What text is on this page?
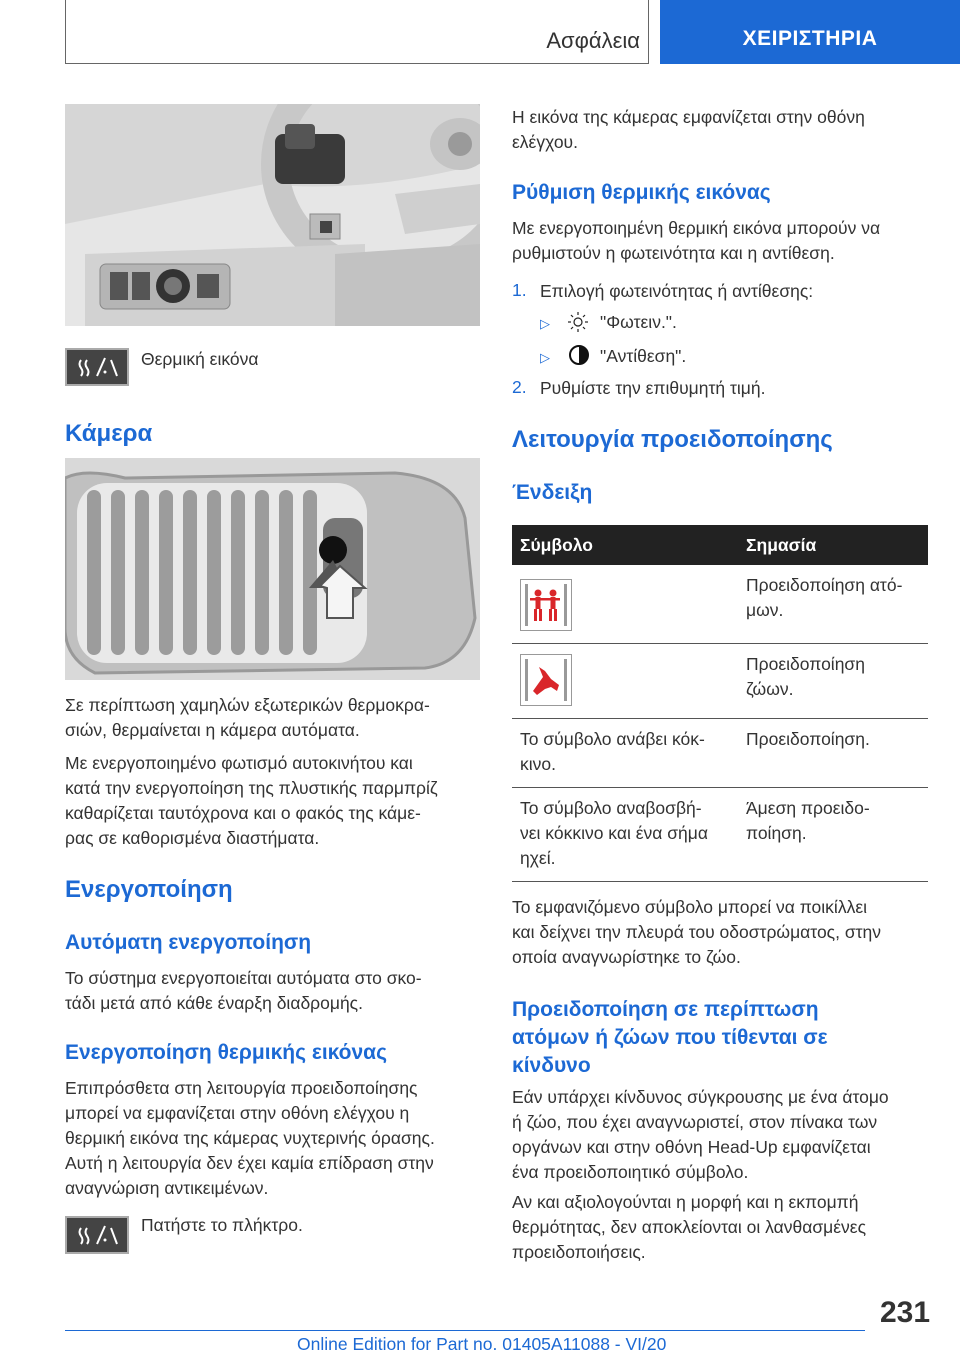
Ασφάλεια	ΧΕΙΡΙΣΤΗΡΙΑ
Θερμική εικόνα
Κάμερα
Σε περίπτωση χαμηλών εξωτερικών θερμοκρα-
σιών, θερμαίνεται η κάμερα αυτόματα.
Με ενεργοποιημένο φωτισμό αυτοκινήτου και
κατά την ενεργοποίηση της πλυστικής παρμπρίζ
καθαρίζεται ταυτόχρονα και ο φακός της κάμε-
ρας σε καθορισμένα διαστήματα.
Ενεργοποίηση
Αυτόματη ενεργοποίηση
Το σύστημα ενεργοποιείται αυτόματα στο σκο-
τάδι μετά από κάθε έναρξη διαδρομής.
Ενεργοποίηση θερμικής εικόνας
Επιπρόσθετα στη λειτουργία προειδοποίησης
μπορεί να εμφανίζεται στην οθόνη ελέγχου η
θερμική εικόνα της κάμερας νυχτερινής όρασης.
Αυτή η λειτουργία δεν έχει καμία επίδραση στην
αναγνώριση αντικειμένων.
Πατήστε το πλήκτρο.
Η εικόνα της κάμερας εμφανίζεται στην οθόνη
ελέγχου.
Ρύθμιση θερμικής εικόνας
Με ενεργοποιημένη θερμική εικόνα μπορούν να
ρυθμιστούν η φωτεινότητα και η αντίθεση.
1. Επιλογή φωτεινότητας ή αντίθεσης:
▷	"Φωτειν.".
▷	"Αντίθεση".
2. Ρυθμίστε την επιθυμητή τιμή.
Λειτουργία προειδοποίησης
Ένδειξη
Σύμβολο	Σημασία

	Προειδοποίηση ατό-
μων.

	Προειδοποίηση
ζώων.
Το σύμβολο ανάβει κόκ-
κινο.	Προειδοποίηση.
Το σύμβολο αναβοσβή-
νει κόκκινο και ένα σήμα
ηχεί.	Άμεση προειδο-
ποίηση.
Το εμφανιζόμενο σύμβολο μπορεί να ποικίλλει
και δείχνει την πλευρά του οδοστρώματος, στην
οποία αναγνωρίστηκε το ζώο.
Προειδοποίηση σε περίπτωση
ατόμων ή ζώων που τίθενται σε
κίνδυνο
Εάν υπάρχει κίνδυνος σύγκρουσης με ένα άτομο
ή ζώο, που έχει αναγνωριστεί, στον πίνακα των
οργάνων και στην οθόνη Head-Up εμφανίζεται
ένα προειδοποιητικό σύμβολο.
Αν και αξιολογούνται η μορφή και η εκπομπή
θερμότητας, δεν αποκλείονται οι λανθασμένες
προειδοποιήσεις.
231
Online Edition for Part no. 01405A11088 - VI/20
